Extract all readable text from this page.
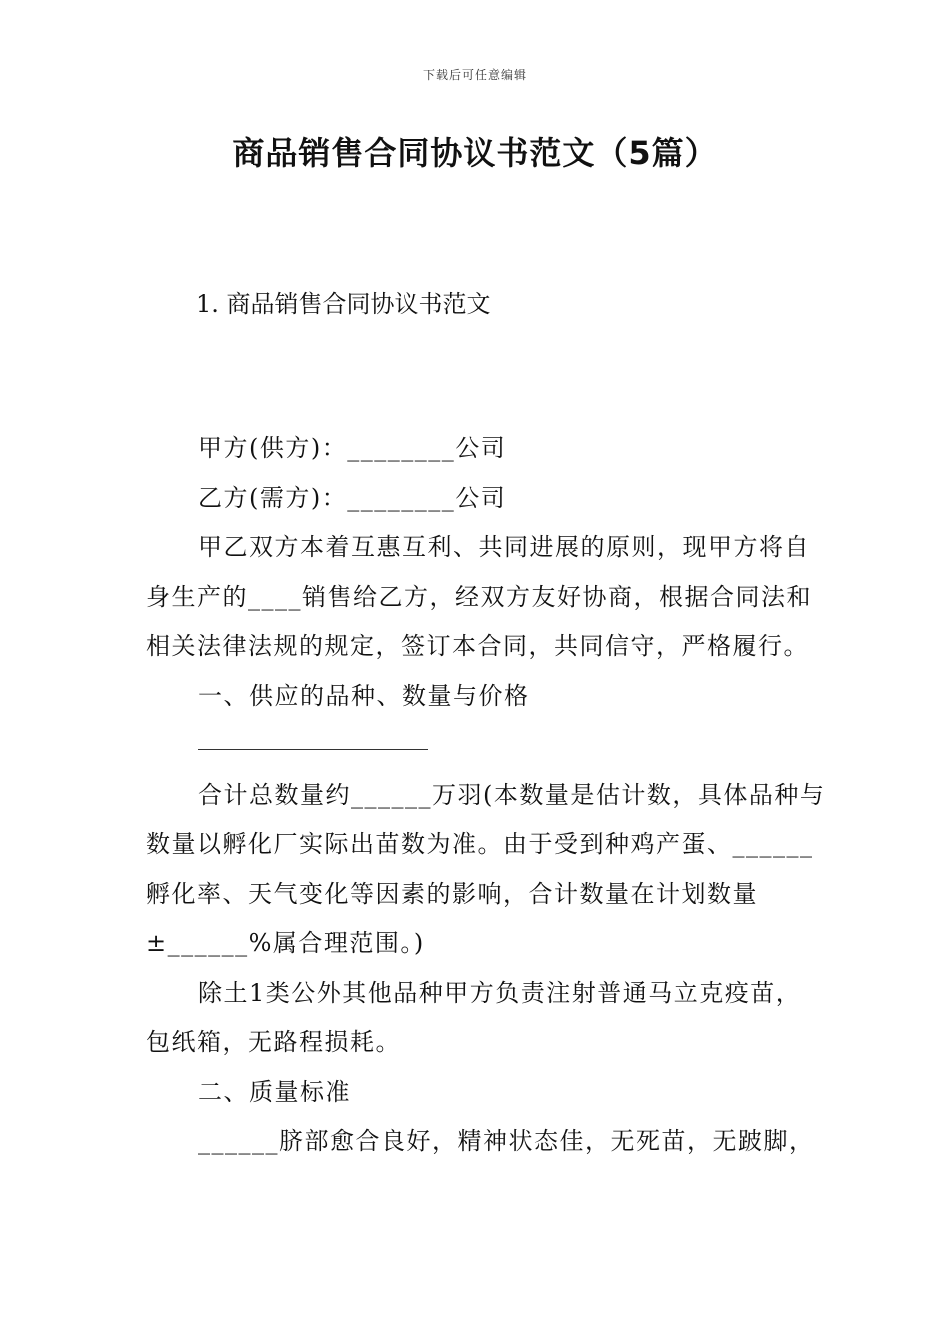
下载后可任意编辑
商品销售合同协议书范文（5篇）
1. 商品销售合同协议书范文

甲方(供方)：________公司

乙方(需方)：________公司

甲乙双方本着互惠互利、共同进展的原则，现甲方将自身生产的____销售给乙方，经双方友好协商，根据合同法和相关法律法规的规定，签订本合同，共同信守，严格履行。

一、供应的品种、数量与价格

合计总数量约______万羽(本数量是估计数，具体品种与数量以孵化厂实际出苗数为准。由于受到种鸡产蛋、______孵化率、天气变化等因素的影响，合计数量在计划数量±______%属合理范围。)

除土1类公外其他品种甲方负责注射普通马立克疫苗，包纸箱，无路程损耗。

二、质量标准

______脐部愈合良好，精神状态佳，无死苗，无跛脚，
